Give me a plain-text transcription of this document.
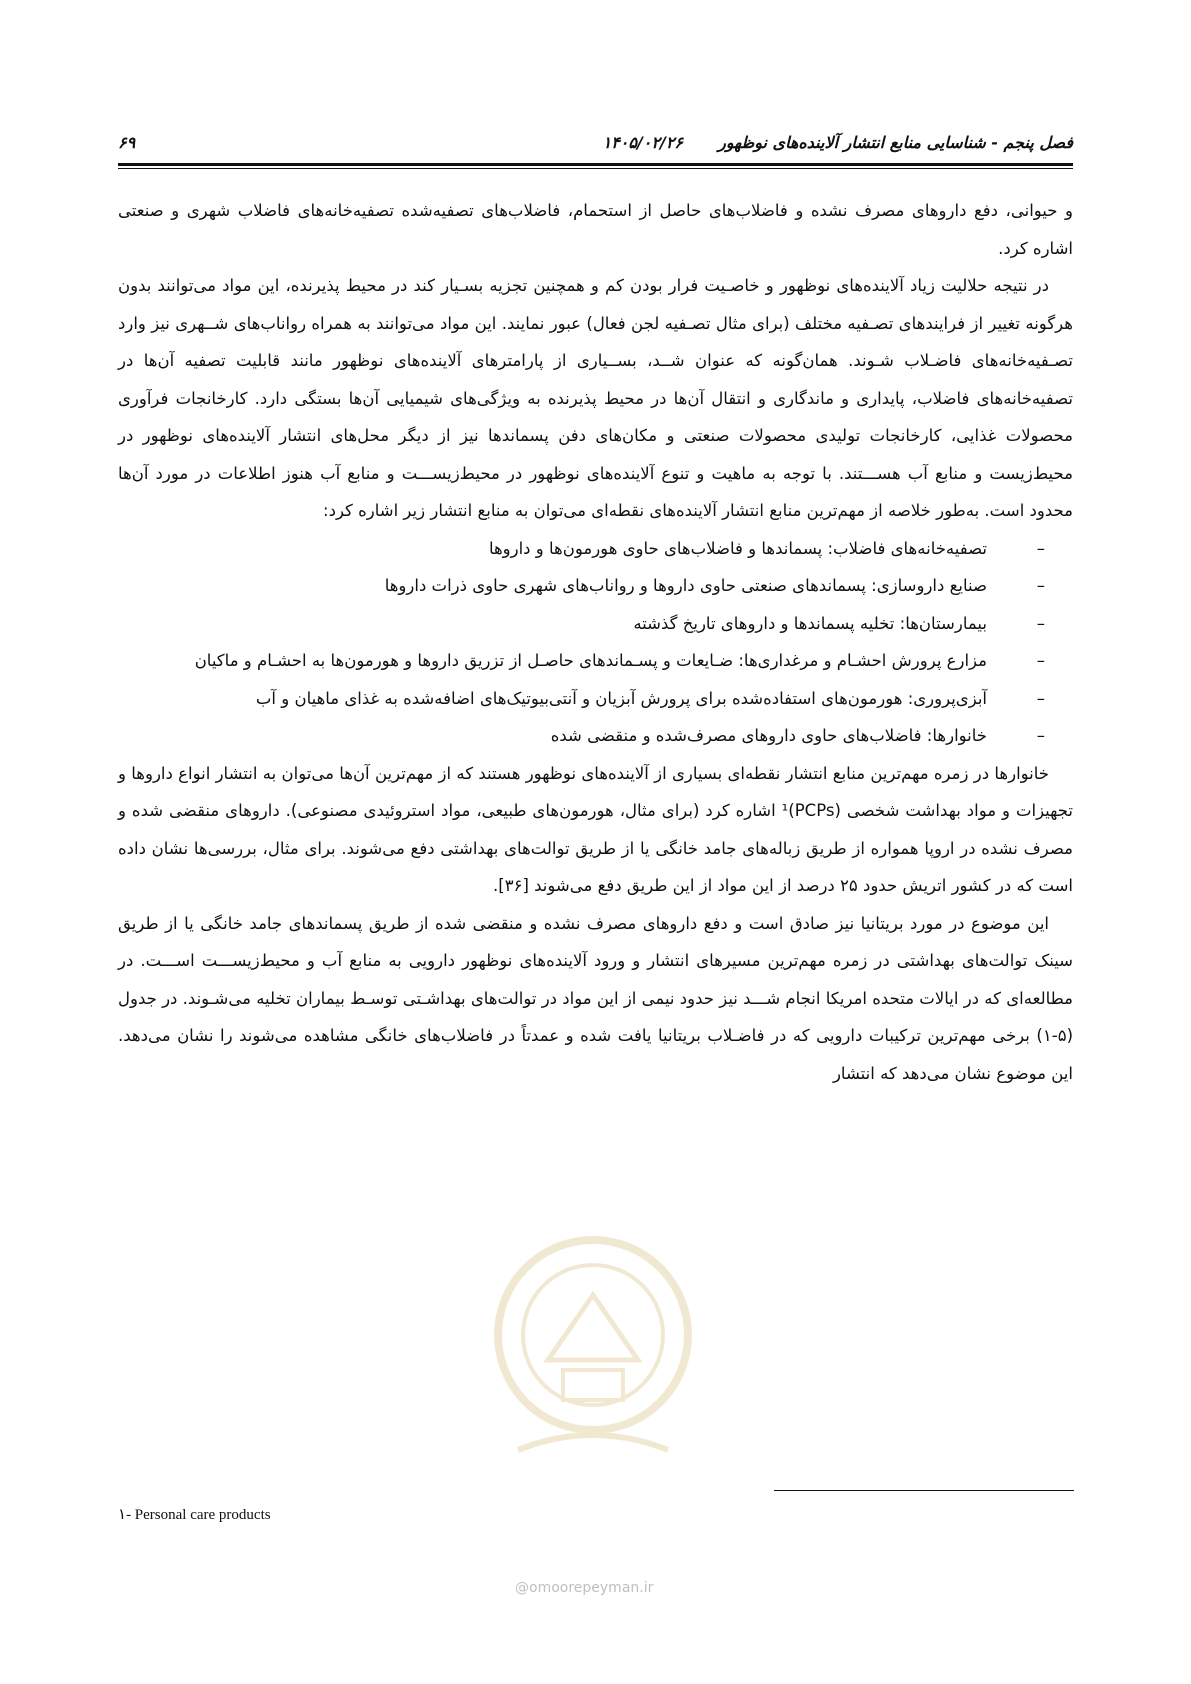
فصل پنجم - شناسایی منابع انتشار آلاینده‌های نوظهور
۱۴۰۵/۰۲/۲۶
۶۹

و حیوانی، دفع داروهای مصرف نشده و فاضلاب‌های حاصل از استحمام، فاضلاب‌های تصفیه‌شده تصفیه‌خانه‌های فاضلاب شهری و صنعتی اشاره کرد.

در نتیجه حلالیت زیاد آلاینده‌های نوظهور و خاصـیت فرار بودن کم و همچنین تجزیه بسـیار کند در محیط پذیرنده، این مواد می‌توانند بدون هرگونه تغییر از فرایندهای تصـفیه مختلف (برای مثال تصـفیه لجن فعال) عبور نمایند. این مواد می‌توانند به همراه رواناب‌های شــهری نیز وارد تصـفیه‌خانه‌های فاضـلاب شـوند. همان‌گونه که عنوان شــد، بســیاری از پارامترهای آلاینده‌های نوظهور مانند قابلیت تصفیه آن‌ها در تصفیه‌خانه‌های فاضلاب، پایداری و ماندگاری و انتقال آن‌ها در محیط پذیرنده به ویژگی‌های شیمیایی آن‌ها بستگی دارد. کارخانجات فرآوری محصولات غذایی، کارخانجات تولیدی محصولات صنعتی و مکان‌های دفن پسماندها نیز از دیگر محل‌های انتشار آلاینده‌های نوظهور در محیط‌زیست و منابع آب هســـتند. با توجه به ماهیت و تنوع آلاینده‌های نوظهور در محیط‌زیســـت و منابع آب هنوز اطلاعات در مورد آن‌ها محدود است. به‌طور خلاصه از مهم‌ترین منابع انتشار آلاینده‌های نقطه‌ای می‌توان به منابع انتشار زیر اشاره کرد:

–
تصفیه‌خانه‌های فاضلاب: پسماندها و فاضلاب‌های حاوی هورمون‌ها و داروها
–
صنایع داروسازی: پسماندهای صنعتی حاوی داروها و رواناب‌های شهری حاوی ذرات داروها
–
بیمارستان‌ها: تخلیه پسماندها و داروهای تاریخ گذشته
–
مزارع پرورش احشـام و مرغداری‌ها: ضـایعات و پسـماندهای حاصـل از تزریق داروها و هورمون‌ها به احشـام و ماکیان
–
آبزی‌پروری: هورمون‌های استفاده‌شده برای پرورش آبزیان و آنتی‌بیوتیک‌های اضافه‌شده به غذای ماهیان و آب
–
خانوارها: فاضلاب‌های حاوی داروهای مصرف‌شده و منقضی شده

خانوارها در زمره مهم‌ترین منابع انتشار نقطه‌ای بسیاری از آلاینده‌های نوظهور هستند که از مهم‌ترین آن‌ها می‌توان به انتشار انواع داروها و تجهیزات و مواد بهداشت شخصی (PCPs)¹ اشاره کرد (برای مثال، هورمون‌های طبیعی، مواد استروئیدی مصنوعی). داروهای منقضی شده و مصرف نشده در اروپا همواره از طریق زباله‌های جامد خانگی یا از طریق توالت‌های بهداشتی دفع می‌شوند. برای مثال، بررسی‌ها نشان داده است که در کشور اتریش حدود ۲۵ درصد از این مواد از این طریق دفع می‌شوند [۳۶].

این موضوع در مورد بریتانیا نیز صادق است و دفع داروهای مصرف نشده و منقضی شده از طریق پسماندهای جامد خانگی یا از طریق سینک توالت‌های بهداشتی در زمره مهم‌ترین مسیرهای انتشار و ورود آلاینده‌های نوظهور دارویی به منابع آب و محیط‌زیســـت اســـت. در مطالعه‌ای که در ایالات متحده امریکا انجام شـــد نیز حدود نیمی از این مواد در توالت‌های بهداشـتی توسـط بیماران تخلیه می‌شـوند. در جدول (۵-۱) برخی مهم‌ترین ترکیبات دارویی که در فاضـلاب بریتانیا یافت شده و عمدتاً در فاضلاب‌های خانگی مشاهده می‌شوند را نشان می‌دهد. این موضوع نشان می‌دهد که انتشار

@omoorepeyman.ir
١- Personal care products
